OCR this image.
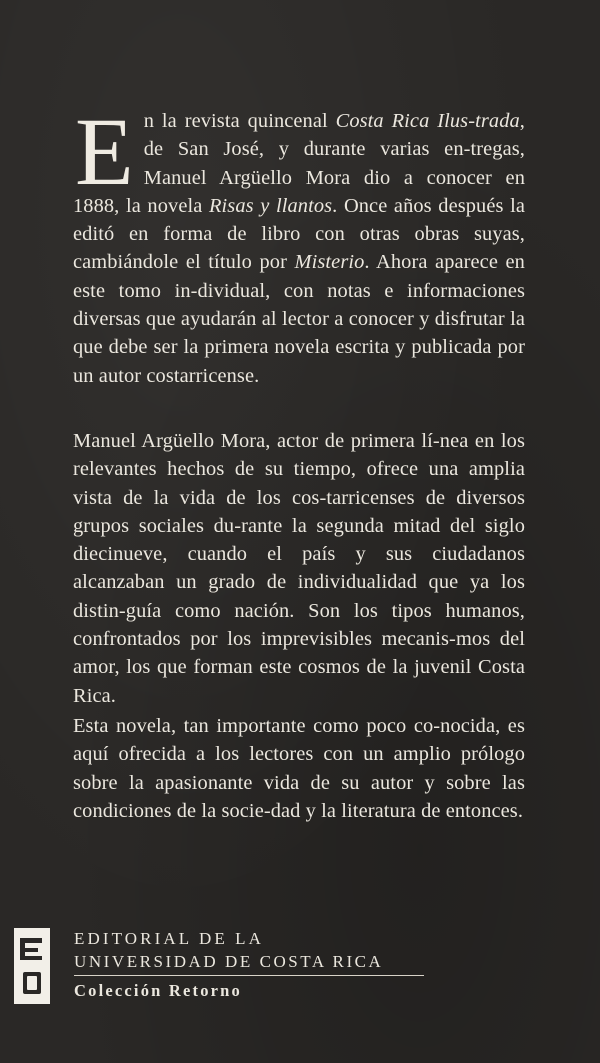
E n la revista quincenal Costa Rica Ilus-trada, de San José, y durante varias en-tregas, Manuel Argüello Mora dio a conocer en 1888, la novela Risas y llantos. Once años después la editó en forma de libro con otras obras suyas, cambiándole el título por Misterio. Ahora aparece en este tomo in-dividual, con notas e informaciones diversas que ayudarán al lector a conocer y disfrutar la que debe ser la primera novela escrita y publicada por un autor costarricense.
Manuel Argüello Mora, actor de primera lí-nea en los relevantes hechos de su tiempo, ofrece una amplia vista de la vida de los cos-tarricenses de diversos grupos sociales du-rante la segunda mitad del siglo diecinueve, cuando el país y sus ciudadanos alcanzaban un grado de individualidad que ya los distin-guía como nación. Son los tipos humanos, confrontados por los imprevisibles mecanis-mos del amor, los que forman este cosmos de la juvenil Costa Rica.
Esta novela, tan importante como poco co-nocida, es aquí ofrecida a los lectores con un amplio prólogo sobre la apasionante vida de su autor y sobre las condiciones de la socie-dad y la literatura de entonces.
EDITORIAL DE LA
UNIVERSIDAD DE COSTA RICA
Colección Retorno
